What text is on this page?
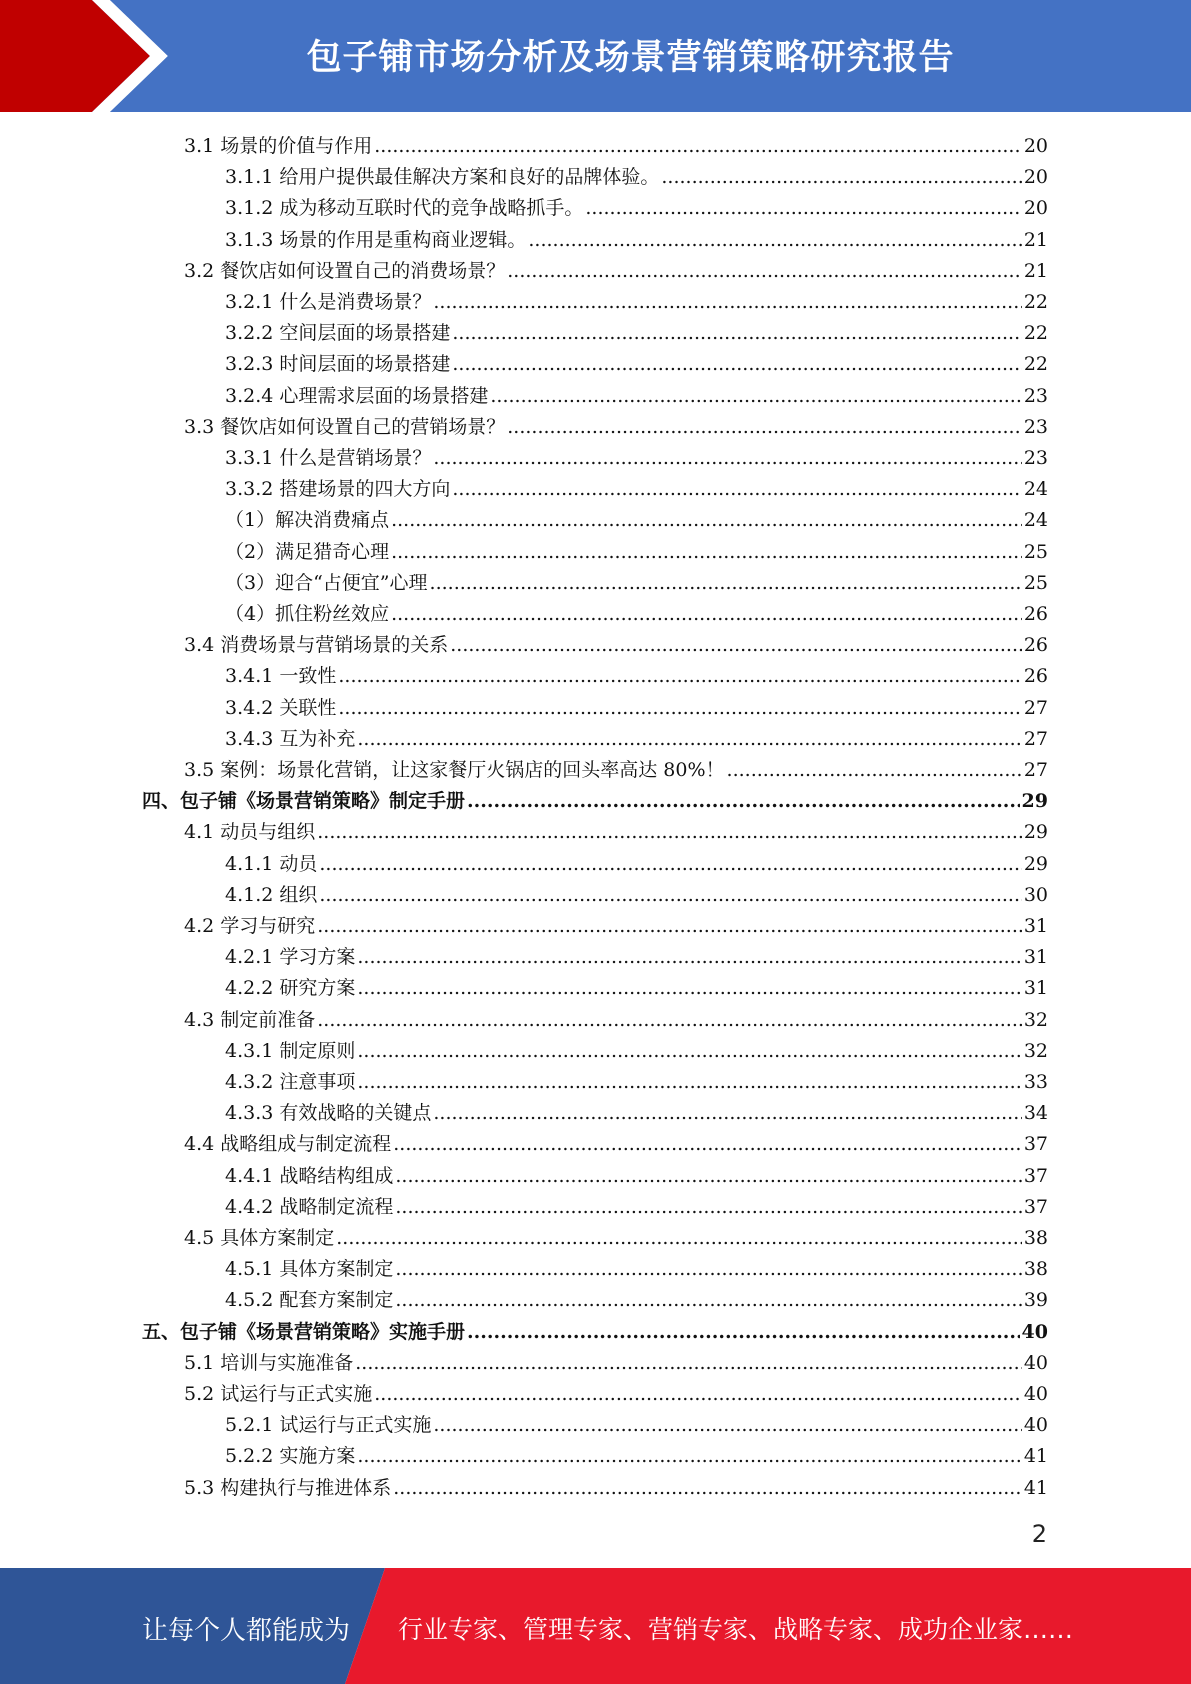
包子铺市场分析及场景营销策略研究报告
3.1 场景的价值与作用 .....	20
3.1.1 给用户提供最佳解决方案和良好的品牌体验。 .....	20
3.1.2 成为移动互联时代的竞争战略抓手。 .....	20
3.1.3 场景的作用是重构商业逻辑。 .....	21
3.2 餐饮店如何设置自己的消费场景？ .....	21
3.2.1 什么是消费场景？ .....	22
3.2.2 空间层面的场景搭建 .....	22
3.2.3 时间层面的场景搭建 .....	22
3.2.4 心理需求层面的场景搭建 .....	23
3.3 餐饮店如何设置自己的营销场景？ .....	23
3.3.1 什么是营销场景？ .....	23
3.3.2 搭建场景的四大方向 .....	24
（1）解决消费痛点 .....	24
（2）满足猎奇心理 .....	25
（3）迎合“占便宜”心理 .....	25
（4）抓住粉丝效应 .....	26
3.4 消费场景与营销场景的关系 .....	26
3.4.1 一致性 .....	26
3.4.2 关联性 .....	27
3.4.3 互为补充 .....	27
3.5 案例：场景化营销，让这家餐厅火锅店的回头率高达 80%！ .....	27
四、包子铺《场景营销策略》制定手册 .....	29
4.1 动员与组织 .....	29
4.1.1 动员 .....	29
4.1.2 组织 .....	30
4.2 学习与研究 .....	31
4.2.1 学习方案 .....	31
4.2.2 研究方案 .....	31
4.3 制定前准备 .....	32
4.3.1 制定原则 .....	32
4.3.2 注意事项 .....	33
4.3.3 有效战略的关键点 .....	34
4.4 战略组成与制定流程 .....	37
4.4.1 战略结构组成 .....	37
4.4.2 战略制定流程 .....	37
4.5 具体方案制定 .....	38
4.5.1 具体方案制定 .....	38
4.5.2 配套方案制定 .....	39
五、包子铺《场景营销策略》实施手册 .....	40
5.1 培训与实施准备 .....	40
5.2 试运行与正式实施 .....	40
5.2.1 试运行与正式实施 .....	40
5.2.2 实施方案 .....	41
5.3 构建执行与推进体系 .....	41
2
让每个人都能成为 行业专家、管理专家、营销专家、战略专家、成功企业家……
